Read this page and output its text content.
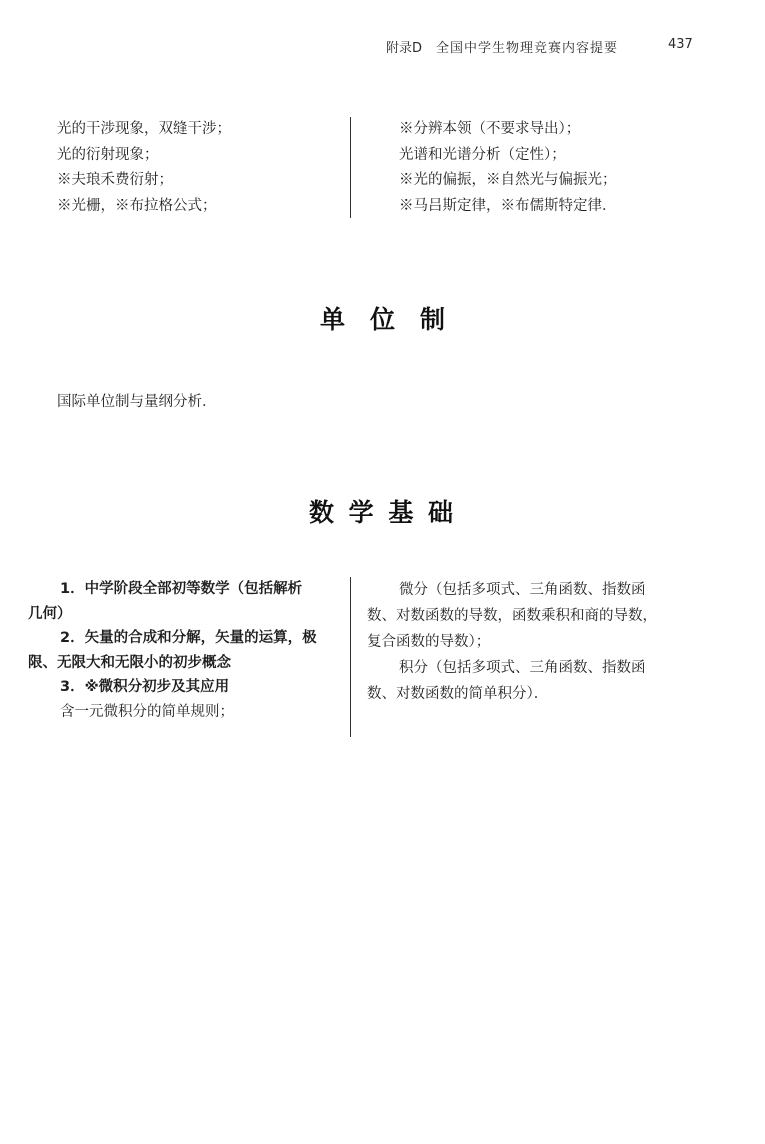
附录D 全国中学生物理竞赛内容提要	437
光的干涉现象，双缝干涉；
光的衍射现象；
※夫琅禾费衍射；
※光栅，※布拉格公式；
※分辨本领（不要求导出）；
光谱和光谱分析（定性）；
※光的偏振，※自然光与偏振光；
※马吕斯定律，※布儒斯特定律．
单　位　制
国际单位制与量纲分析．
数 学 基 础
1．中学阶段全部初等数学（包括解析
几何）
2．矢量的合成和分解，矢量的运算，极
限、无限大和无限小的初步概念
3．※微积分初步及其应用
含一元微积分的简单规则；
微分（包括多项式、三角函数、指数函
数、对数函数的导数，函数乘积和商的导数，
复合函数的导数）；
积分（包括多项式、三角函数、指数函
数、对数函数的简单积分）．
